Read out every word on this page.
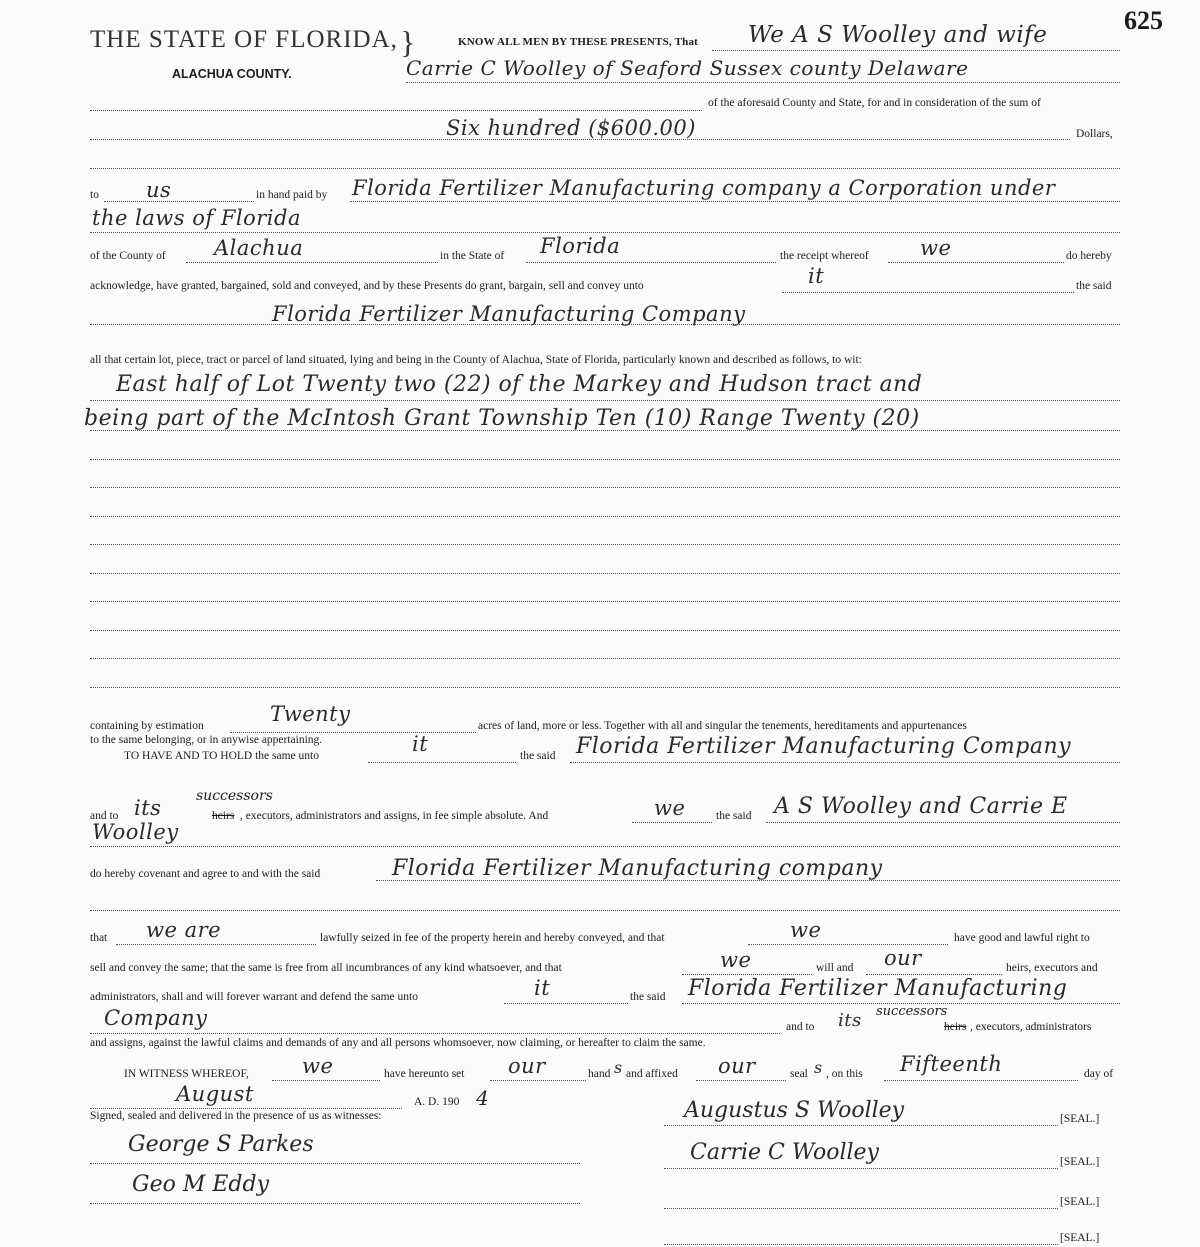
625
THE STATE OF FLORIDA, }
ALACHUA COUNTY.
KNOW ALL MEN BY THESE PRESENTS, That We A S Woolley and wife
Carrie C Woolley of Seaford Sussex county Delaware
of the aforesaid County and State, for and in consideration of the sum of
Six hundred ($600.00)	Dollars,
to us	in hand paid by Florida Fertilizer Manufacturing company a Corporation under
the laws of Florida
of the County of Alachua	in the State of Florida	the receipt whereof we	do hereby
acknowledge, have granted, bargained, sold and conveyed, and by these Presents do grant, bargain, sell and convey unto	it	the said
Florida Fertilizer Manufacturing Company
all that certain lot, piece, tract or parcel of land situated, lying and being in the County of Alachua, State of Florida, particularly known and described as follows, to wit:
East half of Lot Twenty two (22) of the Markey and Hudson tract and
being part of the McIntosh Grant Township Ten (10) Range Twenty (20)
containing by estimation	Twenty	acres of land, more or less. Together with all and singular the tenements, hereditaments and appurtenances
to the same belonging, or in anywise appertaining.
TO HAVE AND TO HOLD the same unto	it	the said Florida Fertilizer Manufacturing Company
and to its successors
heirs , executors, administrators and assigns, in fee simple absolute. And	we	the said A S Woolley and Carrie E
Woolley
do hereby covenant and agree to and with the said	Florida Fertilizer Manufacturing company
that we are	lawfully seized in fee of the property herein and hereby conveyed, and that	we	have good and lawful right to
sell and convey the same; that the same is free from all incumbrances of any kind whatsoever, and that	we	will and our	heirs, executors and
administrators, shall and will forever warrant and defend the same unto	it	the said Florida Fertilizer Manufacturing
Company	and to its successors
heirs , executors, administrators
and assigns, against the lawful claims and demands of any and all persons whomsoever, now claiming, or hereafter to claim the same.
IN WITNESS WHEREOF,	we	have hereunto set our	hand s and affixed our	seal s , on this Fifteenth	day of
August	A. D. 190 4
Signed, sealed and delivered in the presence of us as witnesses:
George S Parkes
Geo M Eddy
Augustus S Woolley	[SEAL.]
Carrie C Woolley	[SEAL.]
[SEAL.]
[SEAL.]
